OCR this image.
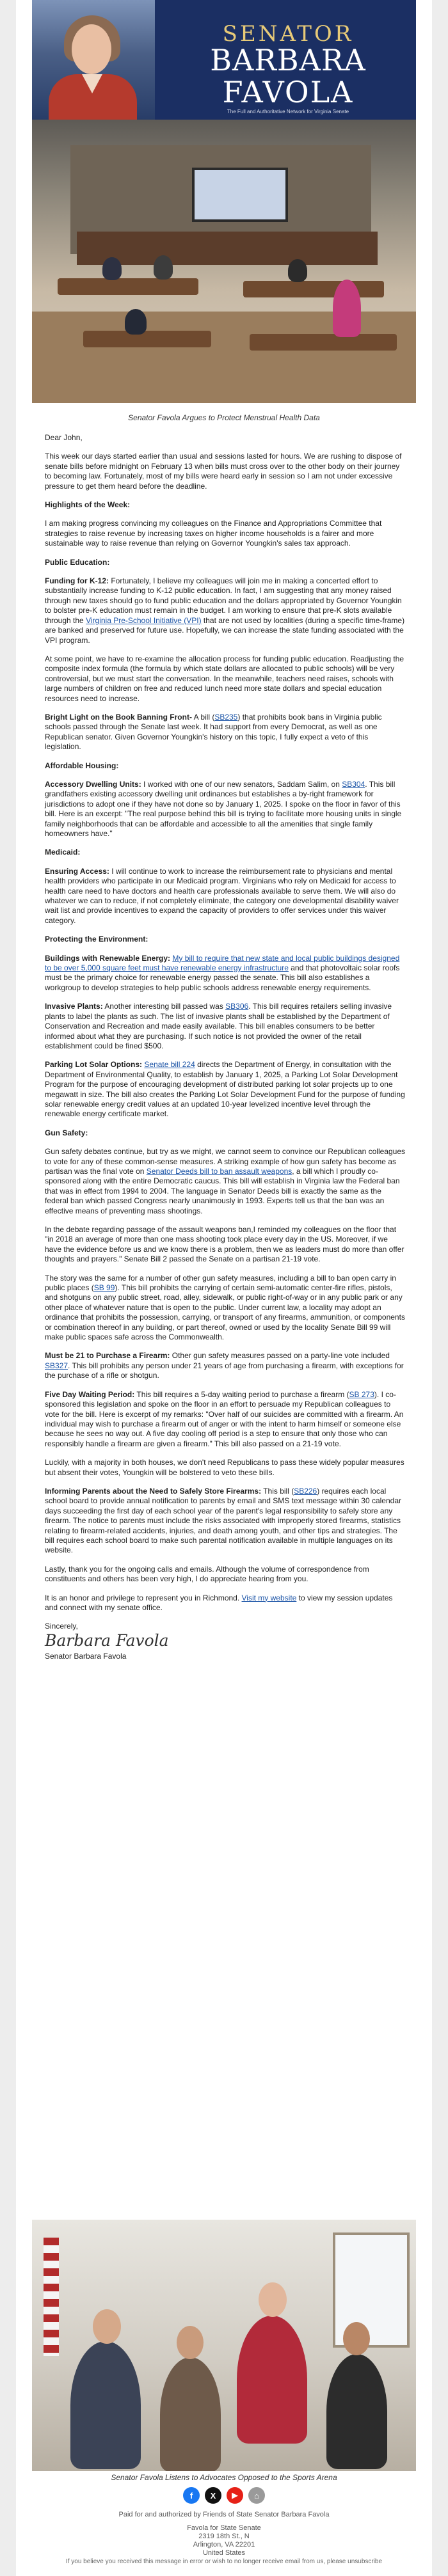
SENATOR
BARBARA
FAVOLA
The Full and Authoritative Network for Virginia Senate
Senator Favola Argues to Protect Menstrual Health Data

Dear John,

This week our days started earlier than usual and sessions lasted for hours. We are rushing to dispose of senate bills before midnight on February 13 when bills must cross over to the other body on their journey to becoming law. Fortunately, most of my bills were heard early in session so I am not under excessive pressure to get them heard before the deadline.

Highlights of the Week:

I am making progress convincing my colleagues on the Finance and Appropriations Committee that strategies to raise revenue by increasing taxes on higher income households is a fairer and more sustainable way to raise revenue than relying on Governor Youngkin's sales tax approach.

Public Education:

Funding for K-12: Fortunately, I believe my colleagues will join me in making a concerted effort to substantially increase funding to K-12 public education. In fact, I am suggesting that any money raised through new taxes should go to fund public education and the dollars appropriated by Governor Youngkin to bolster pre-K education must remain in the budget. I am working to ensure that pre-K slots available through the Virginia Pre-School Initiative (VPI) that are not used by localities (during a specific time-frame) are banked and preserved for future use. Hopefully, we can increase the state funding associated with the VPI program.

At some point, we have to re-examine the allocation process for funding public education. Readjusting the composite index formula (the formula by which state dollars are allocated to public schools) will be very controversial, but we must start the conversation. In the meanwhile, teachers need raises, schools with large numbers of children on free and reduced lunch need more state dollars and special education resources need to increase.

Bright Light on the Book Banning Front- A bill (SB235) that prohibits book bans in Virginia public schools passed through the Senate last week. It had support from every Democrat, as well as one Republican senator. Given Governor Youngkin's history on this topic, I fully expect a veto of this legislation.

Affordable Housing:

Accessory Dwelling Units: I worked with one of our new senators, Saddam Salim, on SB304. This bill grandfathers existing accessory dwelling unit ordinances but establishes a by-right framework for jurisdictions to adopt one if they have not done so by January 1, 2025. I spoke on the floor in favor of this bill. Here is an excerpt: "The real purpose behind this bill is trying to facilitate more housing units in single family neighborhoods that can be affordable and accessible to all the amenities that single family homeowners have."

Medicaid:

Ensuring Access: I will continue to work to increase the reimbursement rate to physicians and mental health providers who participate in our Medicaid program. Virginians who rely on Medicaid for access to health care need to have doctors and health care professionals available to serve them. We will also do whatever we can to reduce, if not completely eliminate, the category one developmental disability waiver wait list and provide incentives to expand the capacity of providers to offer services under this waiver category.

Protecting the Environment:

Buildings with Renewable Energy: My bill to require that new state and local public buildings designed to be over 5,000 square feet must have renewable energy infrastructure and that photovoltaic solar roofs must be the primary choice for renewable energy passed the senate. This bill also establishes a workgroup to develop strategies to help public schools address renewable energy requirements.

Invasive Plants: Another interesting bill passed was SB306. This bill requires retailers selling invasive plants to label the plants as such. The list of invasive plants shall be established by the Department of Conservation and Recreation and made easily available. This bill enables consumers to be better informed about what they are purchasing. If such notice is not provided the owner of the retail establishment could be fined $500.

Parking Lot Solar Options: Senate bill 224 directs the Department of Energy, in consultation with the Department of Environmental Quality, to establish by January 1, 2025, a Parking Lot Solar Development Program for the purpose of encouraging development of distributed parking lot solar projects up to one megawatt in size. The bill also creates the Parking Lot Solar Development Fund for the purpose of funding solar renewable energy credit values at an updated 10-year levelized incentive level through the renewable energy certificate market.

Gun Safety:

Gun safety debates continue, but try as we might, we cannot seem to convince our Republican colleagues to vote for any of these common-sense measures. A striking example of how gun safety has become as partisan was the final vote on Senator Deeds bill to ban assault weapons, a bill which I proudly co-sponsored along with the entire Democratic caucus. This bill will establish in Virginia law the Federal ban that was in effect from 1994 to 2004. The language in Senator Deeds bill is exactly the same as the federal ban which passed Congress nearly unanimously in 1993. Experts tell us that the ban was an effective means of preventing mass shootings.

In the debate regarding passage of the assault weapons ban,I reminded my colleagues on the floor that "in 2018 an average of more than one mass shooting took place every day in the US. Moreover, if we have the evidence before us and we know there is a problem, then we as leaders must do more than offer thoughts and prayers." Senate Bill 2 passed the Senate on a partisan 21-19 vote.

The story was the same for a number of other gun safety measures, including a bill to ban open carry in public places (SB 99). This bill prohibits the carrying of certain semi-automatic center-fire rifles, pistols, and shotguns on any public street, road, alley, sidewalk, or public right-of-way or in any public park or any other place of whatever nature that is open to the public. Under current law, a locality may adopt an ordinance that prohibits the possession, carrying, or transport of any firearms, ammunition, or components or combination thereof in any building, or part thereof, owned or used by the locality Senate Bill 99 will make public spaces safe across the Commonwealth.

Must be 21 to Purchase a Firearm: Other gun safety measures passed on a party-line vote included SB327. This bill prohibits any person under 21 years of age from purchasing a firearm, with exceptions for the purchase of a rifle or shotgun.

Five Day Waiting Period: This bill requires a 5-day waiting period to purchase a firearm (SB 273). I co-sponsored this legislation and spoke on the floor in an effort to persuade my Republican colleagues to vote for the bill. Here is excerpt of my remarks: "Over half of our suicides are committed with a firearm. An individual may wish to purchase a firearm out of anger or with the intent to harm himself or someone else because he sees no way out. A five day cooling off period is a step to ensure that only those who can responsibly handle a firearm are given a firearm." This bill also passed on a 21-19 vote.

Luckily, with a majority in both houses, we don't need Republicans to pass these widely popular measures but absent their votes, Youngkin will be bolstered to veto these bills.

Informing Parents about the Need to Safely Store Firearms: This bill (SB226) requires each local school board to provide annual notification to parents by email and SMS text message within 30 calendar days succeeding the first day of each school year of the parent's legal responsibility to safely store any firearm. The notice to parents must include the risks associated with improperly stored firearms, statistics relating to firearm-related accidents, injuries, and death among youth, and other tips and strategies. The bill requires each school board to make such parental notification available in multiple languages on its website.

Lastly, thank you for the ongoing calls and emails. Although the volume of correspondence from constituents and others has been very high, I do appreciate hearing from you.

It is an honor and privilege to represent you in Richmond. Visit my website to view my session updates and connect with my senate office.

Sincerely,

Barbara Favola

Senator Barbara Favola

Senator Favola Listens to Advocates Opposed to the Sports Arena
f	X	▶	⌂
Paid for and authorized by Friends of State Senator Barbara Favola
Favola for State Senate
2319 18th St., N
Arlington, VA 22201
United States
If you believe you received this message in error or wish to no longer receive email from us, please unsubscribe
